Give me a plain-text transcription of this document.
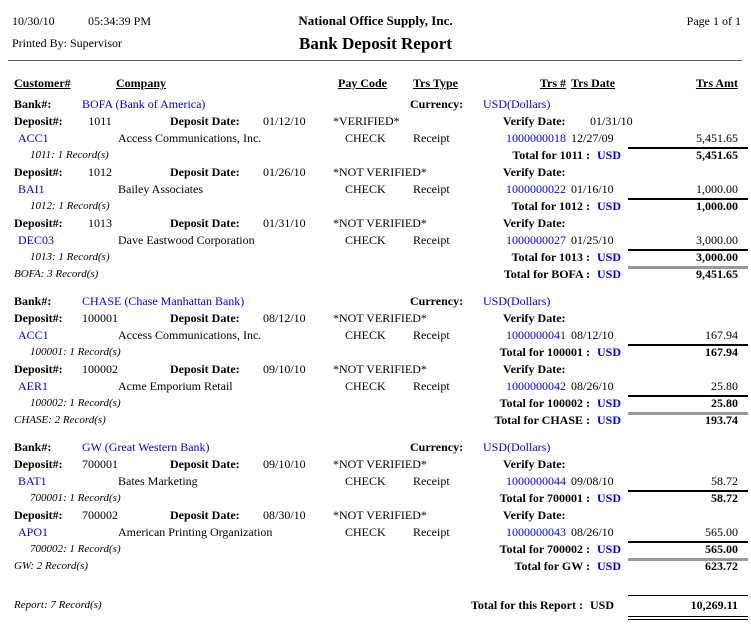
10/30/10	05:34:39 PM	National Office Supply, Inc.	Page 1 of 1
Printed By: Supervisor	Bank Deposit Report
Customer#	Company	Pay Code Trs Type	Trs # Trs Date	Trs Amt
Bank#:	BOFA (Bank of America)	Currency: USD(Dollars)
Deposit#:	1011	Deposit Date: 01/12/10 *VERIFIED*	Verify Date: 01/31/10
ACC1	Access Communications, Inc.	CHECK Receipt	1000000018 12/27/09	5,451.65
1011: 1 Record(s)	Total for 1011 : USD	5,451.65
Deposit#:	1012	Deposit Date: 01/26/10 *NOT VERIFIED*	Verify Date:
BAI1	Bailey Associates	CHECK Receipt	1000000022 01/16/10	1,000.00
1012: 1 Record(s)	Total for 1012 : USD	1,000.00
Deposit#:	1013	Deposit Date: 01/31/10 *NOT VERIFIED*	Verify Date:
DEC03	Dave Eastwood Corporation	CHECK Receipt	1000000027 01/25/10	3,000.00
1013: 1 Record(s)	Total for 1013 : USD	3,000.00
BOFA: 3 Record(s)	Total for BOFA : USD	9,451.65
Bank#:	CHASE (Chase Manhattan Bank)	Currency: USD(Dollars)
Deposit#:	100001	Deposit Date: 08/12/10 *NOT VERIFIED*	Verify Date:
ACC1	Access Communications, Inc.	CHECK Receipt	1000000041 08/12/10	167.94
100001: 1 Record(s)	Total for 100001 : USD	167.94
Deposit#:	100002	Deposit Date: 09/10/10 *NOT VERIFIED*	Verify Date:
AER1	Acme Emporium Retail	CHECK Receipt	1000000042 08/26/10	25.80
100002: 1 Record(s)	Total for 100002 : USD	25.80
CHASE: 2 Record(s)	Total for CHASE : USD	193.74
Bank#:	GW (Great Western Bank)	Currency: USD(Dollars)
Deposit#:	700001	Deposit Date: 09/10/10 *NOT VERIFIED*	Verify Date:
BAT1	Bates Marketing	CHECK Receipt	1000000044 09/08/10	58.72
700001: 1 Record(s)	Total for 700001 : USD	58.72
Deposit#:	700002	Deposit Date: 08/30/10 *NOT VERIFIED*	Verify Date:
APO1	American Printing Organization	CHECK Receipt	1000000043 08/26/10	565.00
700002: 1 Record(s)	Total for 700002 : USD	565.00
GW: 2 Record(s)	Total for GW : USD	623.72
Report: 7 Record(s)	Total for this Report : USD	10,269.11
